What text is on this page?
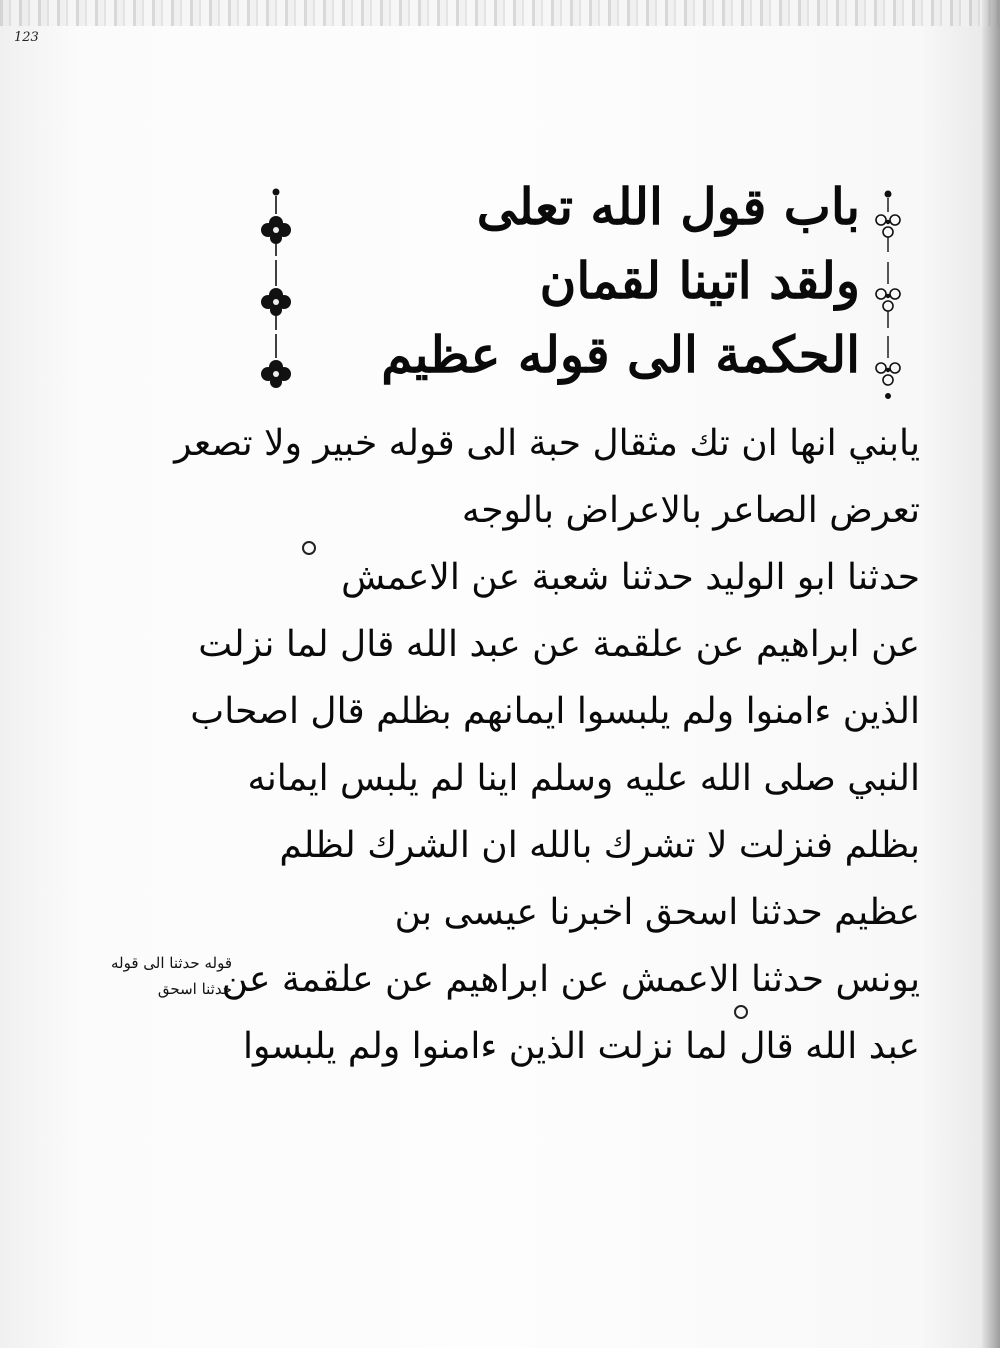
123
باب قول الله تعلى
ولقد اتينا لقمان
الحكمة الى قوله عظيم
يابني انها ان تك مثقال حبة الى قوله خبير ولا تصعر
تعرض الصاعر بالاعراض بالوجه
حدثنا ابو الوليد حدثنا شعبة عن الاعمش
عن ابراهيم عن علقمة عن عبد الله قال لما نزلت
الذين ءامنوا ولم يلبسوا ايمانهم بظلم قال اصحاب
النبي صلى الله عليه وسلم اينا لم يلبس ايمانه
بظلم فنزلت لا تشرك بالله ان الشرك لظلم
عظيم حدثنا اسحق اخبرنا عيسى بن
يونس حدثنا الاعمش عن ابراهيم عن علقمة عن
عبد الله قال لما نزلت الذين ءامنوا ولم يلبسوا
قوله حدثنا الى قوله
حدثنا اسحق
